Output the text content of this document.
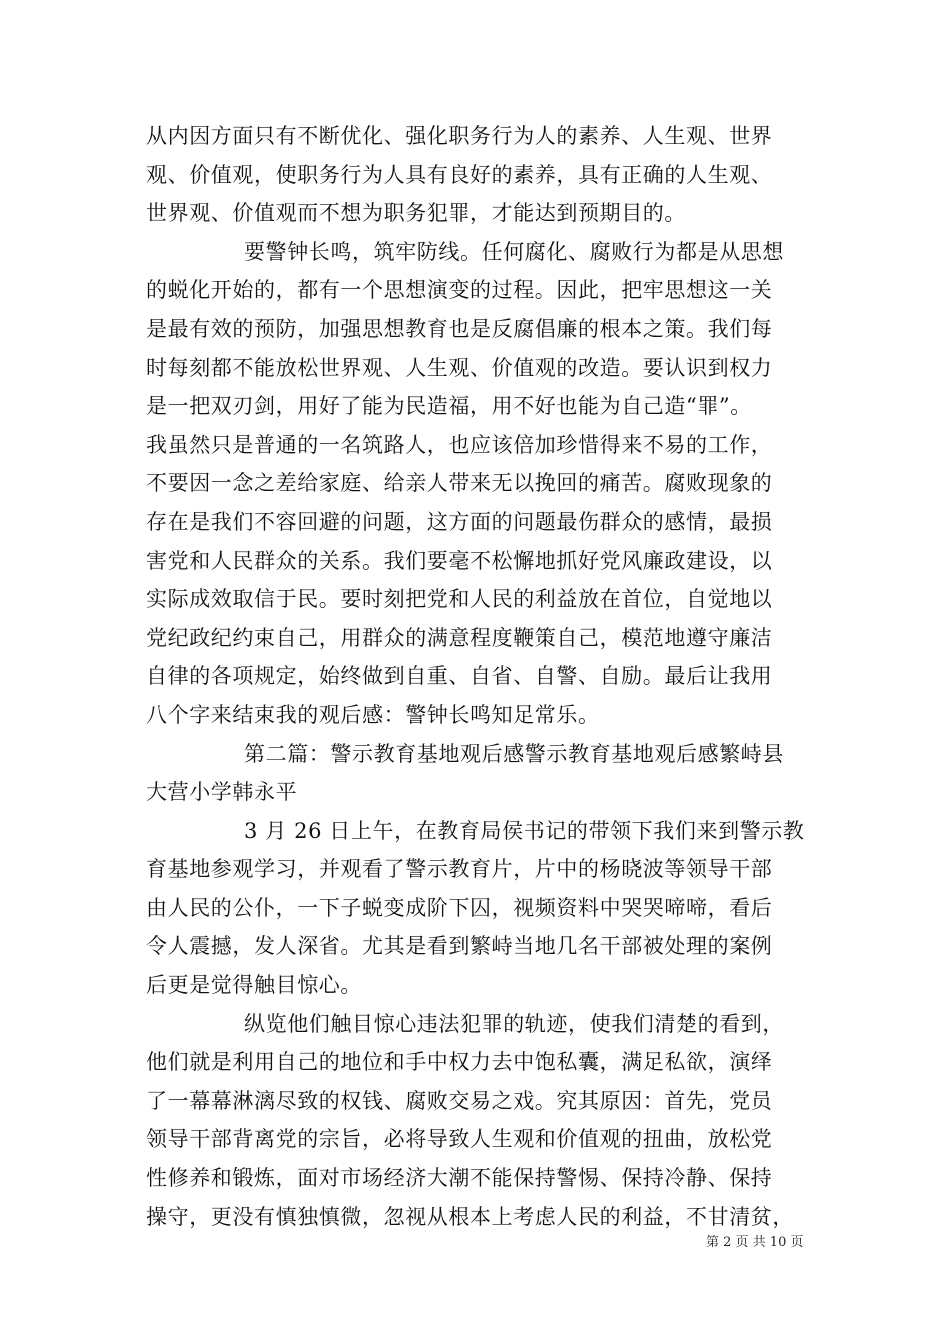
从内因方面只有不断优化、强化职务行为人的素养、人生观、世界
观、价值观，使职务行为人具有良好的素养，具有正确的人生观、
世界观、价值观而不想为职务犯罪，才能达到预期目的。

要警钟长鸣，筑牢防线。任何腐化、腐败行为都是从思想
的蜕化开始的，都有一个思想演变的过程。因此，把牢思想这一关
是最有效的预防，加强思想教育也是反腐倡廉的根本之策。我们每
时每刻都不能放松世界观、人生观、价值观的改造。要认识到权力
是一把双刃剑，用好了能为民造福，用不好也能为自己造“罪”。
我虽然只是普通的一名筑路人，也应该倍加珍惜得来不易的工作，
不要因一念之差给家庭、给亲人带来无以挽回的痛苦。腐败现象的
存在是我们不容回避的问题，这方面的问题最伤群众的感情，最损
害党和人民群众的关系。我们要毫不松懈地抓好党风廉政建设，以
实际成效取信于民。要时刻把党和人民的利益放在首位，自觉地以
党纪政纪约束自己，用群众的满意程度鞭策自己，模范地遵守廉洁
自律的各项规定，始终做到自重、自省、自警、自励。最后让我用
八个字来结束我的观后感：警钟长鸣知足常乐。

第二篇：警示教育基地观后感警示教育基地观后感繁峙县
大营小学韩永平

3 月 26 日上午，在教育局侯书记的带领下我们来到警示教
育基地参观学习，并观看了警示教育片，片中的杨晓波等领导干部
由人民的公仆，一下子蜕变成阶下囚，视频资料中哭哭啼啼，看后
令人震撼，发人深省。尤其是看到繁峙当地几名干部被处理的案例
后更是觉得触目惊心。

纵览他们触目惊心违法犯罪的轨迹，使我们清楚的看到，
他们就是利用自己的地位和手中权力去中饱私囊，满足私欲，演绎
了一幕幕淋漓尽致的权钱、腐败交易之戏。究其原因：首先，党员
领导干部背离党的宗旨，必将导致人生观和价值观的扭曲，放松党
性修养和锻炼，面对市场经济大潮不能保持警惕、保持冷静、保持
操守，更没有慎独慎微，忽视从根本上考虑人民的利益，不甘清贫，

第 2 页 共 10 页
